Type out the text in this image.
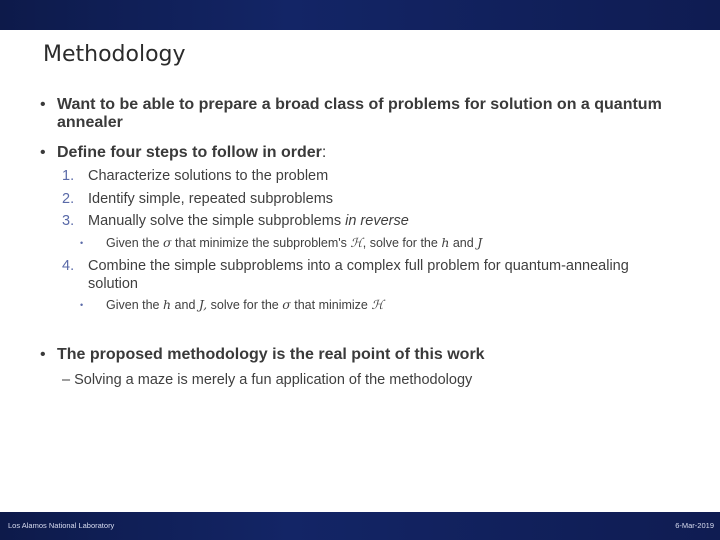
Methodology
• Want to be able to prepare a broad class of problems for solution on a quantum annealer
• Define four steps to follow in order:
1. Characterize solutions to the problem
2. Identify simple, repeated subproblems
3. Manually solve the simple subproblems in reverse
• Given the σ that minimize the subproblem's ℋ, solve for the h and J
4. Combine the simple subproblems into a complex full problem for quantum-annealing solution
• Given the h and J, solve for the σ that minimize ℋ
• The proposed methodology is the real point of this work
– Solving a maze is merely a fun application of the methodology
Los Alamos National Laboratory	6-Mar-2019
